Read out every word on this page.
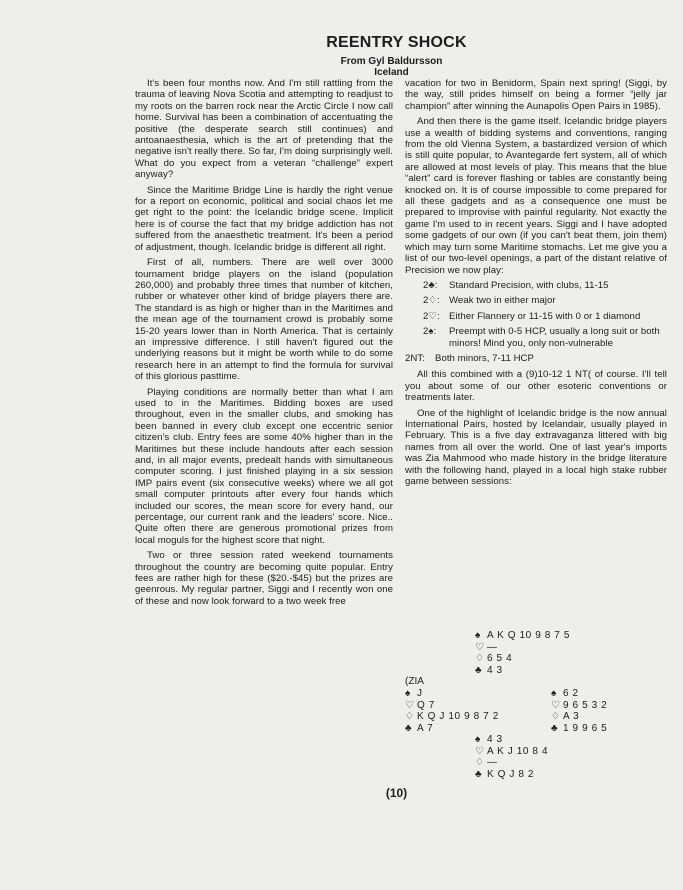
REENTRY SHOCK
From Gyl Baldursson
Iceland

It's been four months now. And I'm still rattling from the trauma of leaving Nova Scotia and attempting to readjust to my roots on the barren rock near the Arctic Circle I now call home. Survival has been a combination of accentuating the positive (the desperate search still continues) and antoanaesthesia, which is the art of pretending that the negative isn't really there. So far, I'm doing surprisingly well. What do you expect from a veteran “challenge” expert anyway?

Since the Maritime Bridge Line is hardly the right venue for a report on economic, political and social chaos let me get right to the point: the Icelandic bridge scene. Implicit here is of course the fact that my bridge addiction has not suffered from the anaesthetic treatment. It's been a period of adjustment, though. Icelandic bridge is different all right.

First of all, numbers. There are well over 3000 tournament bridge players on the island (population 260,000) and probably three times that number of kitchen, rubber or whatever other kind of bridge players there are. The standard is as high or higher than in the Maritimes and the mean age of the tournament crowd is probably some 15-20 years lower than in North America. That is certainly an impressive difference. I still haven't figured out the underlying reasons but it might be worth while to do some research here in an attempt to find the formula for survival of this glorious pasttime.

Playing conditions are normally better than what I am used to in the Maritimes. Bidding boxes are used throughout, even in the smaller clubs, and smoking has been banned in every club except one eccentric senior citizen's club. Entry fees are some 40% higher than in the Maritimes but these include handouts after each session and, in all major events, predealt hands with simultaneous computer scoring. I just finished playing in a six session IMP pairs event (six consecutive weeks) where we all got small computer printouts after every four hands which included our scores, the mean score for every hand, our percentage, our current rank and the leaders' score. Nice.. Quite often there are generous promotional prizes from local moguls for the highest score that night.

Two or three session rated weekend tournaments throughout the country are becoming quite popular. Entry fees are rather high for these ($20.-$45) but the prizes are geenrous. My regular partner, Siggi and I recently won one of these and now look forward to a two week free

vacation for two in Benidorm, Spain next spring! (Siggi, by the way, still prides himself on being a former “jelly jar champion” after winning the Aunapolis Open Pairs in 1985).

And then there is the game itself. Icelandic bridge players use a wealth of bidding systems and conventions, ranging from the old Vienna System, a bastardized version of which is still quite popular, to Avantegarde fert system, all of which are allowed at most levels of play. This means that the blue “alert” card is forever flashing or tables are constantly being knocked on. It is of course impossible to come prepared for all these gadgets and as a consequence one must be prepared to improvise with painful regularity. Not exactly the game I'm used to in recent years. Siggi and I have adopted some gadgets of our own (if you can't beat them, join them) which may turn some Maritime stomachs. Let me give you a list of our two-level openings, a part of the distant relative of Precision we now play:

2♣:	Standard Precision, with clubs, 11-15
2♢: Weak two in either major
2♡: Either Flannery or 11-15 with 0 or 1 diamond
2♠:	Preempt with 0-5 HCP, usually a long suit or both minors! Mind you, only non-vulnerable
2NT:	Both minors, 7-11 HCP

All this combined with a (9)10-12 1 NT( of course. I'll tell you about some of our other esoteric conventions or treatments later.

One of the highlight of Icelandic bridge is the now annual International Pairs, hosted by Icelandair, usually played in February. This is a five day extravaganza littered with big names from all over the world. One of last year's imports was Zia Mahmood who made history in the bridge literature with the following hand, played in a local high stake rubber game between sessions:

♠ A K Q 10 9 8 7 5
♡ —
♢ 6 5 4
♣ 4 3
(ZIA
♠ J
♡ Q 7
♢ K Q J 10 9 8 7 2
♣ A 7
♠ 6 2
♡ 9 6 5 3 2
♢ A 3
♣ 1 9 9 6 5
♠ 4 3
♡ A K J 10 8 4
♢ —
♣ K Q J 8 2
(10)
